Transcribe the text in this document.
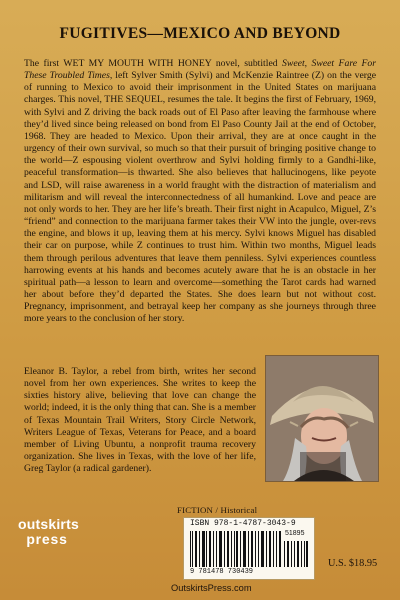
FUGITIVES—MEXICO AND BEYOND
The first WET MY MOUTH WITH HONEY novel, subtitled Sweet, Sweet Fare For These Troubled Times, left Sylver Smith (Sylvi) and McKenzie Raintree (Z) on the verge of running to Mexico to avoid their imprisonment in the United States on marijuana charges. This novel, THE SEQUEL, resumes the tale. It begins the first of February, 1969, with Sylvi and Z driving the back roads out of El Paso after leaving the farmhouse where they’d lived since being released on bond from El Paso County Jail at the end of October, 1968. They are headed to Mexico. Upon their arrival, they are at once caught in the urgency of their own survival, so much so that their pursuit of bringing positive change to the world—Z espousing violent overthrow and Sylvi holding firmly to a Gandhi-like, peaceful transformation—is thwarted. She also believes that hallucinogens, like peyote and LSD, will raise awareness in a world fraught with the distraction of materialism and militarism and will reveal the interconnectedness of all humankind. Love and peace are not only words to her. They are her life’s breath. Their first night in Acapulco, Miguel, Z’s “friend” and connection to the marijuana farmer takes their VW into the jungle, over-revs the engine, and blows it up, leaving them at his mercy. Sylvi knows Miguel has disabled their car on purpose, while Z continues to trust him. Within two months, Miguel leads them through perilous adventures that leave them penniless. Sylvi experiences countless harrowing events at his hands and becomes acutely aware that he is an obstacle in her spiritual path—a lesson to learn and overcome—something the Tarot cards had warned her about before they’d departed the States. She does learn but not without cost. Pregnancy, imprisonment, and betrayal keep her company as she journeys through three more years to the conclusion of her story.
Eleanor B. Taylor, a rebel from birth, writes her second novel from her own experiences. She writes to keep the sixties history alive, believing that love can change the world; indeed, it is the only thing that can. She is a member of Texas Mountain Trail Writers, Story Circle Network, Writers League of Texas, Veterans for Peace, and a board member of Living Ubuntu, a nonprofit trauma recovery organization. She lives in Texas, with the love of her life, Greg Taylor (a radical gardener).
FICTION / Historical
ISBN 978-1-4787-3043-9
51895
9 781478 730439
outskirts
press
U.S. $18.95
OutskirtsPress.com
